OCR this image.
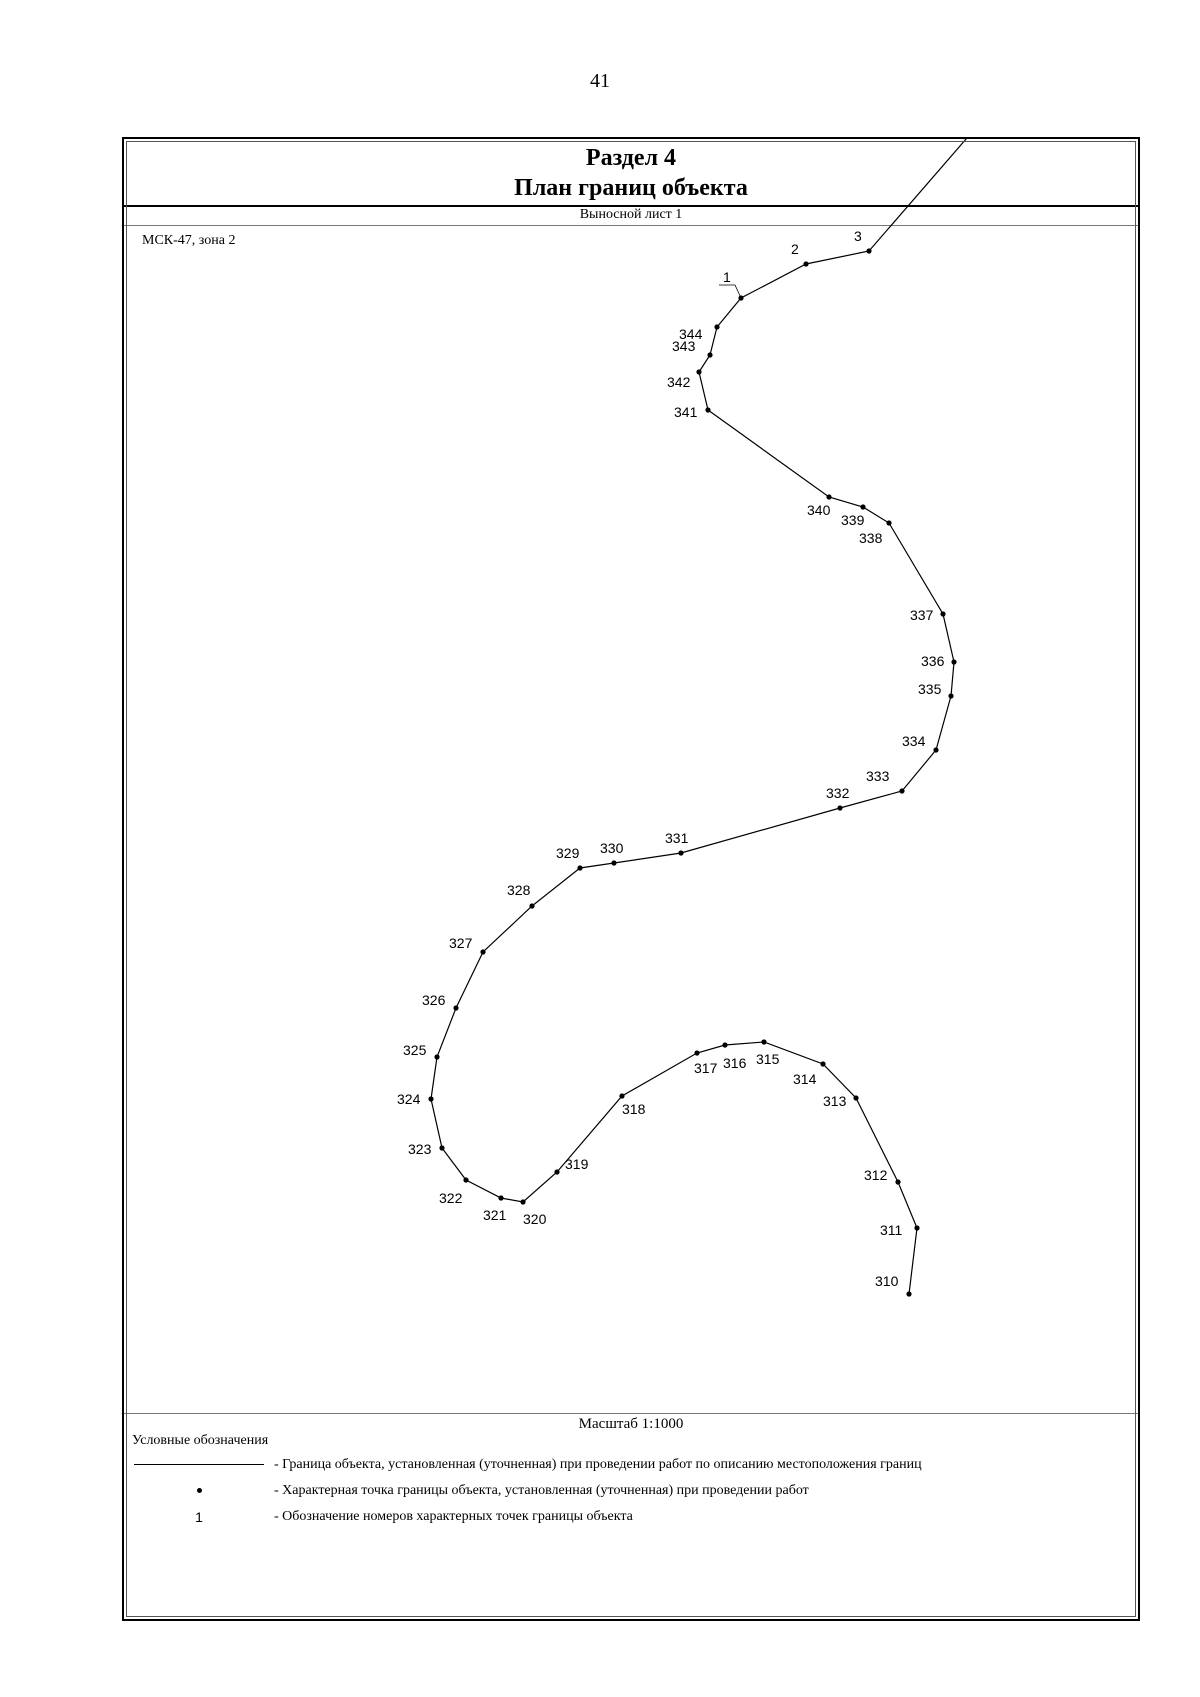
41
Раздел 4
План границ объекта
Выносной лист 1
МСК-47, зона 2
1
2
3
310
311
312
313
314
315
316
317
318
319
320
321
322
323
324
325
326
327
328
329 330
331
332
333
334
335
336
337
338
339
340
341
342
343
344
Масштаб 1:1000
Условные обозначения
- Граница объекта, установленная (уточненная) при проведении работ по описанию местоположения границ
- Характерная точка границы объекта, установленная (уточненная) при проведении работ
1	- Обозначение номеров характерных точек границы объекта
